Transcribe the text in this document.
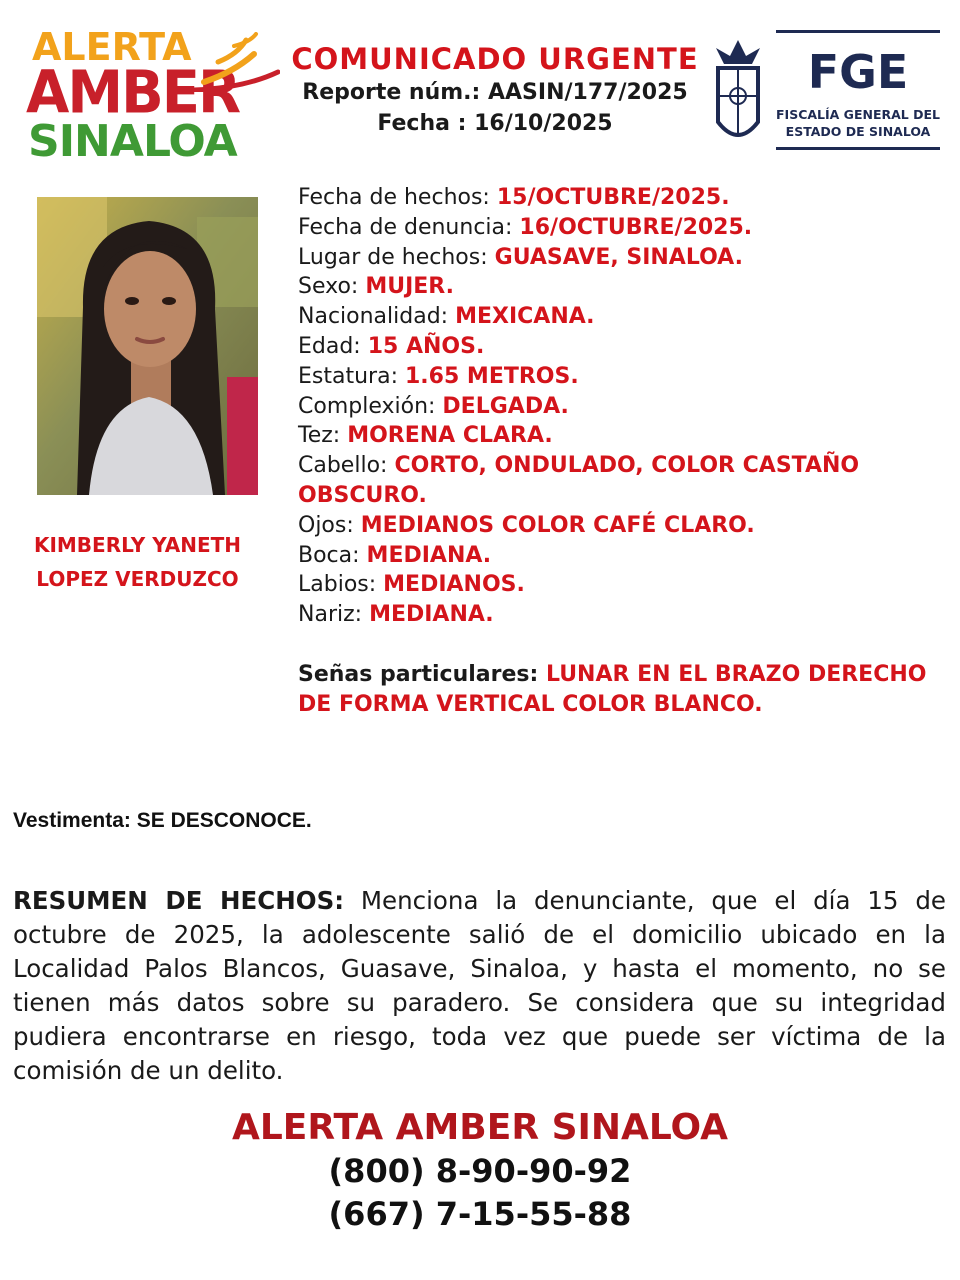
ALERTA
AMBER
SINALOA
COMUNICADO URGENTE
Reporte núm.: AASIN/177/2025
Fecha : 16/10/2025
FGE
FISCALÍA GENERAL DEL
ESTADO DE SINALOA
KIMBERLY YANETH
LOPEZ VERDUZCO
Fecha de hechos: 15/OCTUBRE/2025.
Fecha de denuncia: 16/OCTUBRE/2025.
Lugar de hechos: GUASAVE, SINALOA.
Sexo: MUJER.
Nacionalidad: MEXICANA.
Edad: 15 AÑOS.
Estatura: 1.65 METROS.
Complexión: DELGADA.
Tez: MORENA CLARA.
Cabello: CORTO, ONDULADO, COLOR CASTAÑO OBSCURO.
Ojos: MEDIANOS COLOR CAFÉ CLARO.
Boca: MEDIANA.
Labios: MEDIANOS.
Nariz: MEDIANA.
Señas particulares: LUNAR EN EL BRAZO DERECHO DE FORMA VERTICAL COLOR BLANCO.
Vestimenta: SE DESCONOCE.
RESUMEN DE HECHOS: Menciona la denunciante, que el día 15 de octubre de 2025, la adolescente salió de el domicilio ubicado en la Localidad Palos Blancos, Guasave, Sinaloa, y hasta el momento, no se tienen más datos sobre su paradero. Se considera que su integridad pudiera encontrarse en riesgo, toda vez que puede ser víctima de la comisión de un delito.
ALERTA AMBER SINALOA
(800) 8-90-90-92
(667) 7-15-55-88
